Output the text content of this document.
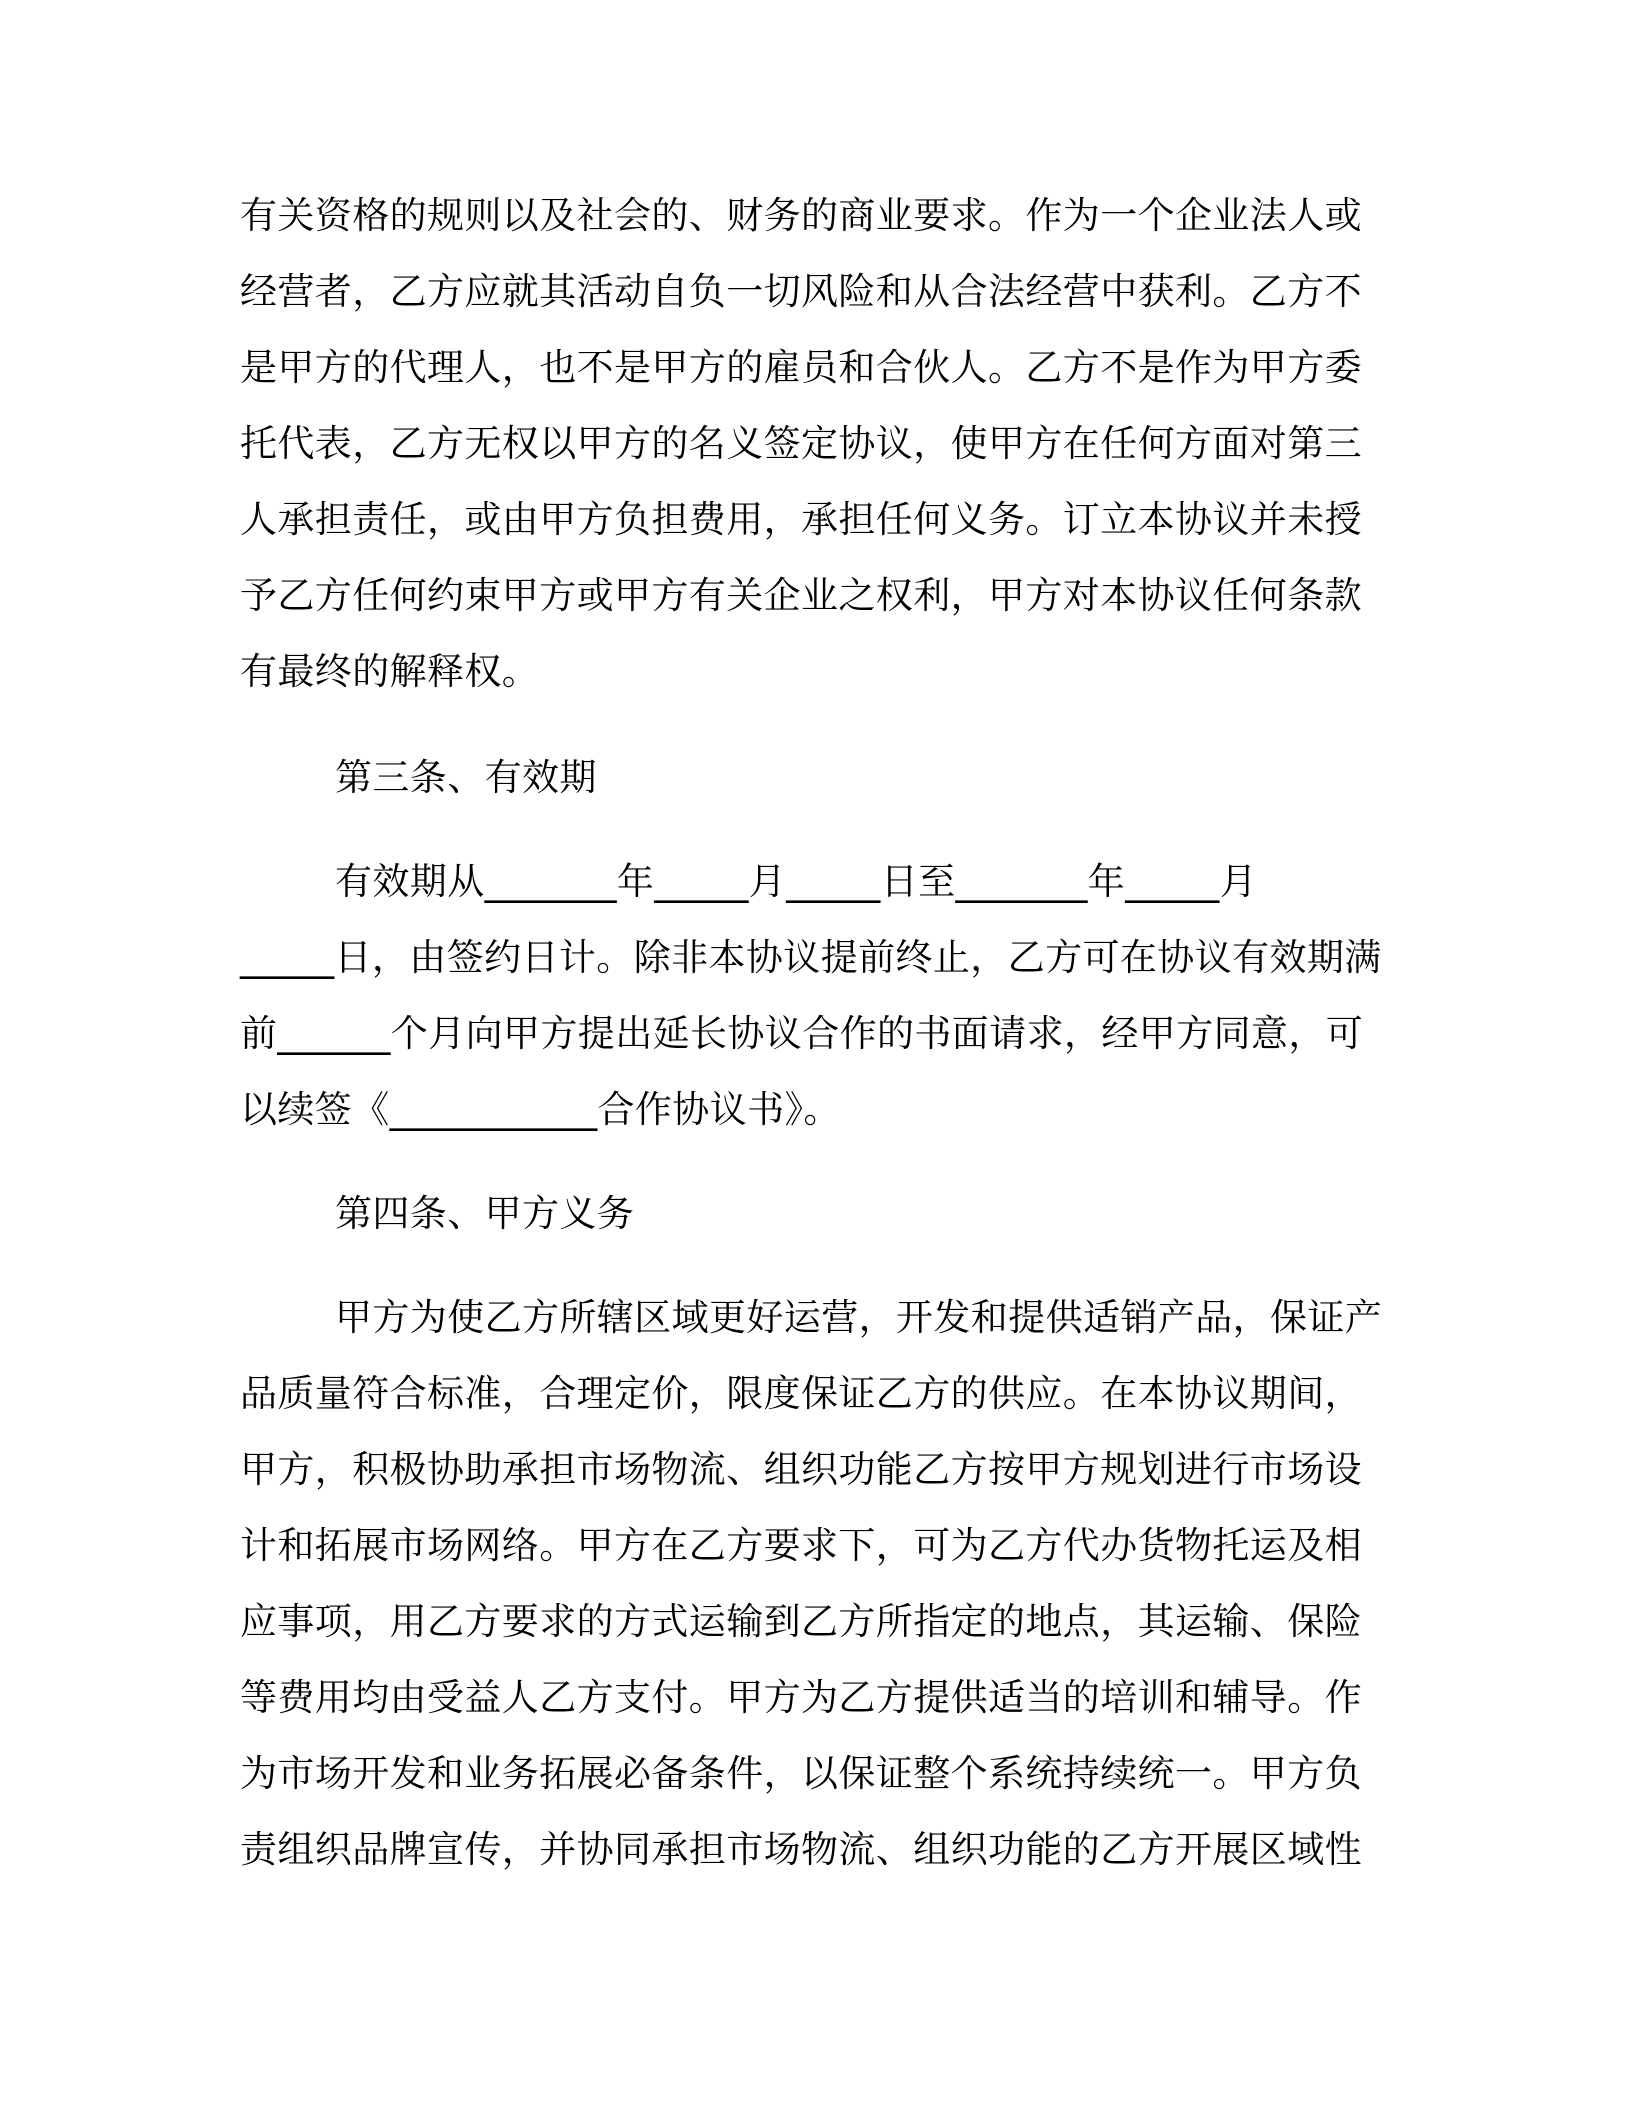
有关资格的规则以及社会的、财务的商业要求。作为一个企业法人或

经营者，乙方应就其活动自负一切风险和从合法经营中获利。乙方不

是甲方的代理人，也不是甲方的雇员和合伙人。乙方不是作为甲方委

托代表，乙方无权以甲方的名义签定协议，使甲方在任何方面对第三

人承担责任，或由甲方负担费用，承担任何义务。订立本协议并未授

予乙方任何约束甲方或甲方有关企业之权利，甲方对本协议任何条款

有最终的解释权。

第三条、有效期

有效期从_______年_____月_____日至_______年_____月

_____日，由签约日计。除非本协议提前终止，乙方可在协议有效期满

前______个月向甲方提出延长协议合作的书面请求，经甲方同意，可

以续签《___________合作协议书》。

第四条、甲方义务

甲方为使乙方所辖区域更好运营，开发和提供适销产品，保证产

品质量符合标准，合理定价，限度保证乙方的供应。在本协议期间，

甲方，积极协助承担市场物流、组织功能乙方按甲方规划进行市场设

计和拓展市场网络。甲方在乙方要求下，可为乙方代办货物托运及相

应事项，用乙方要求的方式运输到乙方所指定的地点，其运输、保险

等费用均由受益人乙方支付。甲方为乙方提供适当的培训和辅导。作

为市场开发和业务拓展必备条件，以保证整个系统持续统一。甲方负

责组织品牌宣传，并协同承担市场物流、组织功能的乙方开展区域性
